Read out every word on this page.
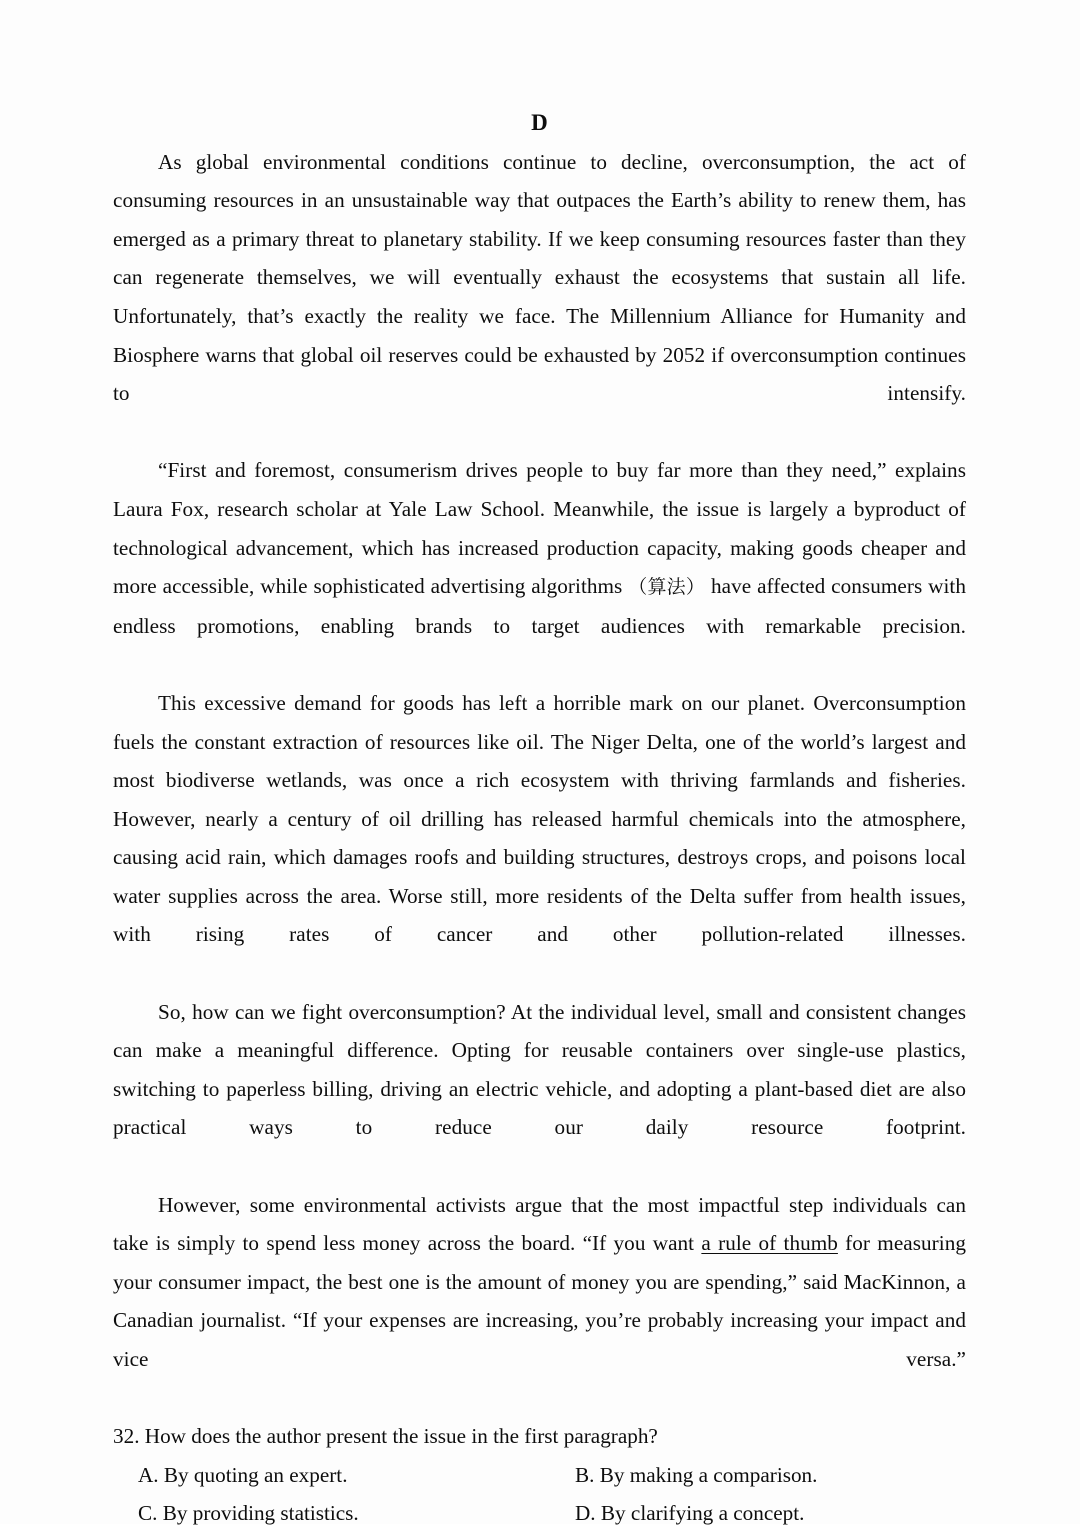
D

As global environmental conditions continue to decline, overconsumption, the act of consuming resources in an unsustainable way that outpaces the Earth’s ability to renew them, has emerged as a primary threat to planetary stability. If we keep consuming resources faster than they can regenerate themselves, we will eventually exhaust the ecosystems that sustain all life. Unfortunately, that’s exactly the reality we face. The Millennium Alliance for Humanity and Biosphere warns that global oil reserves could be exhausted by 2052 if overconsumption continues to intensify.

“First and foremost, consumerism drives people to buy far more than they need,” explains Laura Fox, research scholar at Yale Law School. Meanwhile, the issue is largely a byproduct of technological advancement, which has increased production capacity, making goods cheaper and more accessible, while sophisticated advertising algorithms （算法） have affected consumers with endless promotions, enabling brands to target audiences with remarkable precision.

This excessive demand for goods has left a horrible mark on our planet. Overconsumption fuels the constant extraction of resources like oil. The Niger Delta, one of the world’s largest and most biodiverse wetlands, was once a rich ecosystem with thriving farmlands and fisheries. However, nearly a century of oil drilling has released harmful chemicals into the atmosphere, causing acid rain, which damages roofs and building structures, destroys crops, and poisons local water supplies across the area. Worse still, more residents of the Delta suffer from health issues, with rising rates of cancer and other pollution-related illnesses.

So, how can we fight overconsumption? At the individual level, small and consistent changes can make a meaningful difference. Opting for reusable containers over single-use plastics, switching to paperless billing, driving an electric vehicle, and adopting a plant-based diet are also practical ways to reduce our daily resource footprint.

However, some environmental activists argue that the most impactful step individuals can take is simply to spend less money across the board. “If you want a rule of thumb for measuring your consumer impact, the best one is the amount of money you are spending,” said MacKinnon, a Canadian journalist. “If your expenses are increasing, you’re probably increasing your impact and vice versa.”

32. How does the author present the issue in the first paragraph?

A. By quoting an expert.	B. By making a comparison.
C. By providing statistics.	D. By clarifying a concept.
